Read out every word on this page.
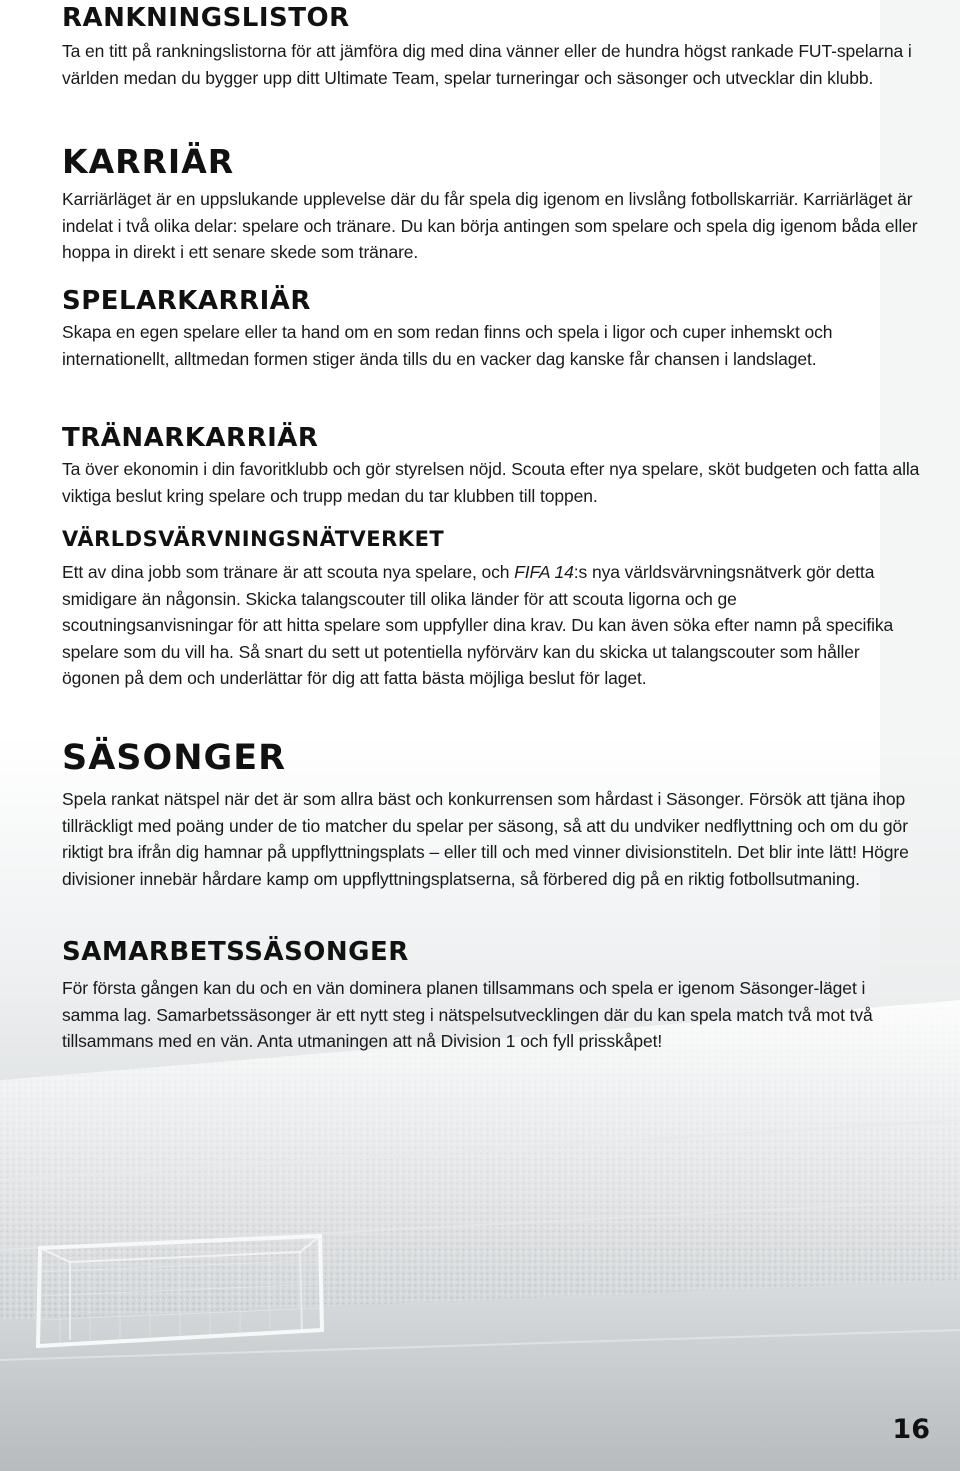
RANKNINGSLISTOR

Ta en titt på rankningslistorna för att jämföra dig med dina vänner eller de hundra högst rankade FUT-spelarna i världen medan du bygger upp ditt Ultimate Team, spelar turneringar och säsonger och utvecklar din klubb.

KARRIÄR

Karriärläget är en uppslukande upplevelse där du får spela dig igenom en livslång fotbollskarriär. Karriärläget är indelat i två olika delar: spelare och tränare. Du kan börja antingen som spelare och spela dig igenom båda eller hoppa in direkt i ett senare skede som tränare.

SPELARKARRIÄR

Skapa en egen spelare eller ta hand om en som redan finns och spela i ligor och cuper inhemskt och internationellt, alltmedan formen stiger ända tills du en vacker dag kanske får chansen i landslaget.

TRÄNARKARRIÄR

Ta över ekonomin i din favoritklubb och gör styrelsen nöjd. Scouta efter nya spelare, sköt budgeten och fatta alla viktiga beslut kring spelare och trupp medan du tar klubben till toppen.

VÄRLDSVÄRVNINGSNÄTVERKET

Ett av dina jobb som tränare är att scouta nya spelare, och FIFA 14:s nya världsvärvningsnätverk gör detta smidigare än någonsin. Skicka talangscouter till olika länder för att scouta ligorna och ge scoutningsanvisningar för att hitta spelare som uppfyller dina krav. Du kan även söka efter namn på specifika spelare som du vill ha. Så snart du sett ut potentiella nyförvärv kan du skicka ut talangscouter som håller ögonen på dem och underlättar för dig att fatta bästa möjliga beslut för laget.

SÄSONGER

Spela rankat nätspel när det är som allra bäst och konkurrensen som hårdast i Säsonger. Försök att tjäna ihop tillräckligt med poäng under de tio matcher du spelar per säsong, så att du undviker nedflyttning och om du gör riktigt bra ifrån dig hamnar på uppflyttningsplats – eller till och med vinner divisionstiteln. Det blir inte lätt! Högre divisioner innebär hårdare kamp om uppflyttningsplatserna, så förbered dig på en riktig fotbollsutmaning.

SAMARBETSSÄSONGER

För första gången kan du och en vän dominera planen tillsammans och spela er igenom Säsonger-läget i samma lag. Samarbetssäsonger är ett nytt steg i nätspelsutvecklingen där du kan spela match två mot två tillsammans med en vän. Anta utmaningen att nå Division 1 och fyll prisskåpet!

16
